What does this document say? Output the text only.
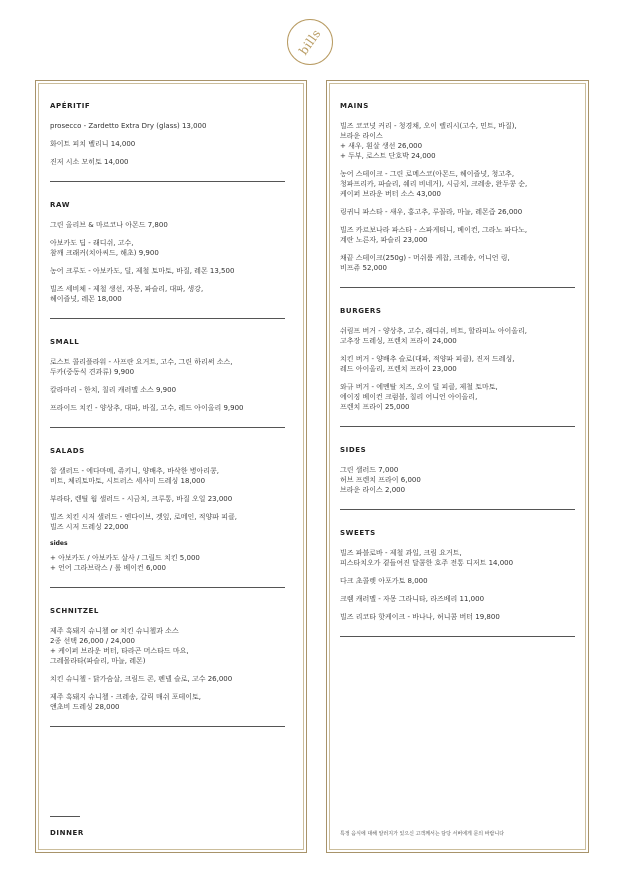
bills
APÉRITIF
prosecco - Zardetto Extra Dry (glass) 13,000
화이트 피치 벨리니 14,000
진저 시소 모히토 14,000
RAW
그린 올리브 & 마르코나 아몬드 7,800
아보카도 딥 - 래디쉬, 고수,
참깨 크래커(치아씨드, 해초) 9,900
농어 크루도 - 아보카도, 딜, 제철 토마토, 바질, 레몬 13,500
빌즈 세비체 - 제철 생선, 자몽, 파슬리, 대파, 생강,
헤이즐넛, 레몬 18,000
SMALL
로스트 콜리플라워 - 사프란 요거트, 고수, 그린 하리써 소스,
두카(중동식 견과류) 9,900
칼라마리 - 한치, 칠리 캐러멜 소스 9,900
프라이드 치킨 - 양상추, 대파, 바질, 고수, 레드 아이올리 9,900
SALADS
찹 샐러드 - 에다마메, 쥬키니, 양배추, 바삭한 병아리콩,
비트, 체리토마토, 시트러스 세사미 드레싱 18,000
부라타, 렌틸 웜 샐러드 - 시금치, 크루통, 바질 오일 23,000
빌즈 치킨 시저 샐러드 - 엔다이브, 겟잎, 로메인, 적양파 피클,
빌즈 시저 드레싱 22,000
sides
+ 아보카도 / 아보카도 살사 / 그릴드 치킨 5,000
+ 언어 그라브락스 / 롤 베이컨 6,000
SCHNITZEL
제주 흑돼지 슈니첼 or 치킨 슈니첼과 소스
2종 선택 26,000 / 24,000
+ 케이퍼 브라운 버터, 타라곤 머스타드 마요,
그레몰라타(파슬리, 마늘, 레몬)
치킨 슈니첼 - 닭가슴살, 크림드 콘, 펜넬 슬로, 고수 26,000
제주 흑돼지 슈니첼 - 크레송, 갈릭 매쉬 포테이토,
앤초비 드레싱 28,000
MAINS
빌즈 코코넛 커리 - 청경채, 오이 렐리시(고수, 민트, 바질),
브라운 라이스
+ 새우, 흰살 생선 26,000
+ 두부, 로스트 단호박 24,000
농어 스테이크 - 그린 로메스코(아몬드, 헤이즐넛, 청고추,
청파프리카, 파슬리, 쉐리 비네거), 시금치, 크레송, 완두콩 순,
케이퍼 브라운 버터 소스 43,000
링귀니 파스타 - 새우, 홍고추, 루꼴라, 마늘, 레몬즙 26,000
빌즈 카르보나라 파스타 - 스파게티니, 베이컨, 그라노 파다노,
계란 노른자, 파슬리 23,000
채끝 스테이크(250g) - 머쉬룸 케찹, 크레송, 어니언 링,
비프쥬 52,000
BURGERS
쉬림프 버거 - 양상추, 고수, 래디쉬, 비트, 할라피뇨 아이올리,
고추장 드레싱, 프렌치 프라이 24,000
치킨 버거 - 양배추 슬로(대파, 적양파 피클), 진저 드레싱,
레드 아이올리, 프렌치 프라이 23,000
와규 버거 - 에멘탈 치즈, 오이 딜 피클, 제철 토마토,
에이징 베이컨 크럼블, 칠리 어니언 아이올리,
프렌치 프라이 25,000
SIDES
그린 샐러드 7,000
허브 프렌치 프라이 6,000
브라운 라이스 2,000
SWEETS
빌즈 파블로바 - 제철 과일, 크림 요거트,
피스타치오가 곁들여진 달콤한 호주 전통 디저트 14,000
다크 초콜렛 아포가토 8,000
크렘 캐러멜 - 자몽 그라니타, 라즈베리 11,000
빌즈 리코타 핫케이크 - 바나나, 허니콤 버터 19,800
DINNER	특정 음식에 대해 알러지가 있으신 고객께서는 담당 서버에게 문의 바랍니다
